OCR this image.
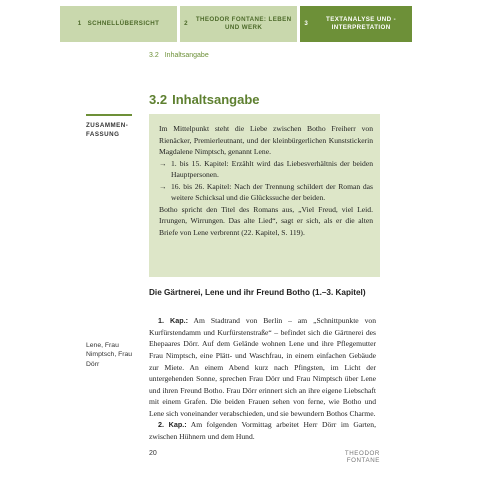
1 SCHNELLÜBERSICHT	2
THEODOR FONTANE: LEBEN UND WERK
3
TEXTANALYSE UND -INTERPRETATION
3.2 Inhaltsangabe
3.2 Inhaltsangabe
ZUSAMMEN-FASSUNG

Im Mittelpunkt steht die Liebe zwischen Botho Freiherr von Rienäcker, Premierleutnant, und der kleinbürgerlichen Kunststickerin Magdalene Nimptsch, genannt Lene.

→ 1. bis 15. Kapitel: Erzählt wird das Liebesverhältnis der beiden Hauptpersonen.
→ 16. bis 26. Kapitel: Nach der Trennung schildert der Roman das weitere Schicksal und die Glückssuche der beiden.

Botho spricht den Titel des Romans aus, „Viel Freud, viel Leid. Irrungen, Wirrungen. Das alte Lied“, sagt er sich, als er die alten Briefe von Lene verbrennt (22. Kapitel, S. 119).

Die Gärtnerei, Lene und ihr Freund Botho (1.–3. Kapitel)
Lene, Frau Nimptsch, Frau Dörr

1. Kap.: Am Stadtrand von Berlin – am „Schnittpunkte von Kurfürstendamm und Kurfürstenstraße“ – befindet sich die Gärtnerei des Ehepaares Dörr. Auf dem Gelände wohnen Lene und ihre Pflegemutter Frau Nimptsch, eine Plätt- und Waschfrau, in einem einfachen Gebäude zur Miete. An einem Abend kurz nach Pfingsten, im Licht der untergehenden Sonne, sprechen Frau Dörr und Frau Nimptsch über Lene und ihren Freund Botho. Frau Dörr erinnert sich an ihre eigene Liebschaft mit einem Grafen. Die beiden Frauen sehen von ferne, wie Botho und Lene sich voneinander verabschieden, und sie bewundern Bothos Charme.

2. Kap.: Am folgenden Vormittag arbeitet Herr Dörr im Garten, zwischen Hühnern und dem Hund.

20	THEODOR FONTANE
